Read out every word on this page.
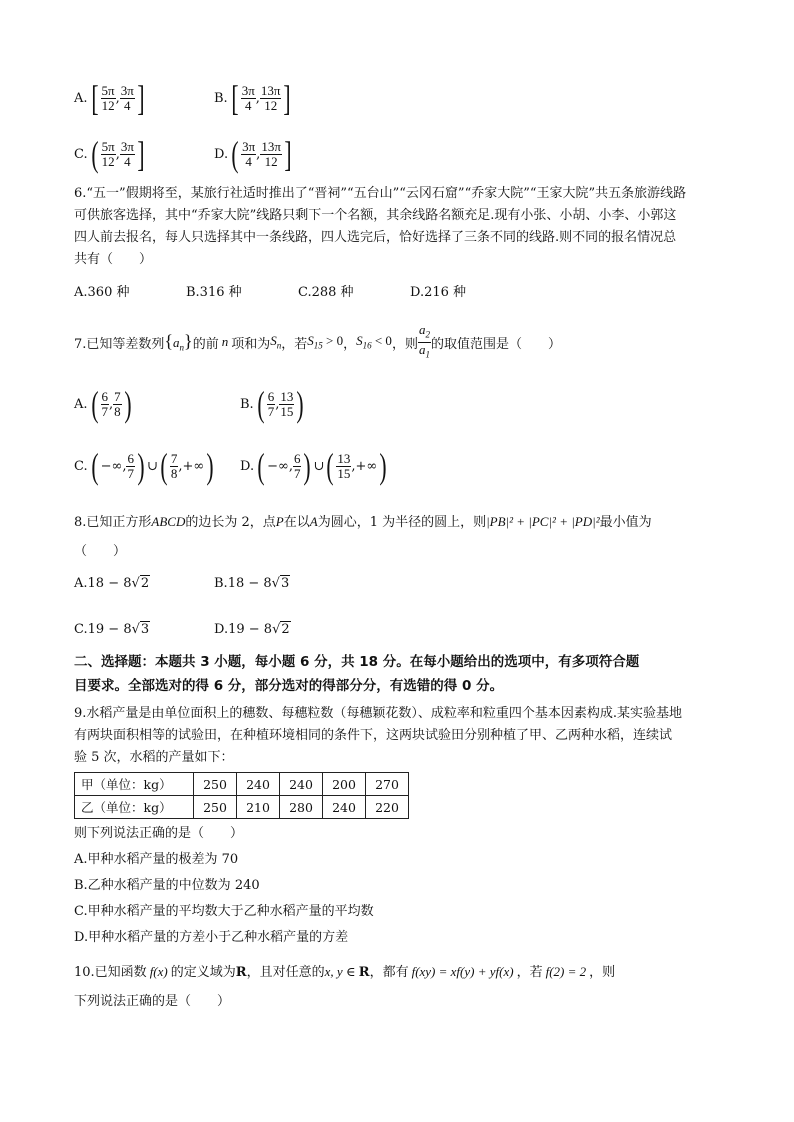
A. [ $\frac{5\pi}{12}$ , $\frac{3\pi}{4}$ ]	B. [ $\frac{3\pi}{4}$ , $\frac{13\pi}{12}$ ]
C. ( $\frac{5\pi}{12}$ , $\frac{3\pi}{4}$ ]	D. ( $\frac{3\pi}{4}$ , $\frac{13\pi}{12}$ ]
6.“五一”假期将至，某旅行社适时推出了“晋祠”“五台山”“云冈石窟”“乔家大院”“王家大院”共五条旅游线路
可供旅客选择，其中“乔家大院”线路只剩下一个名额，其余线路名额充足.现有小张、小胡、小李、小郭这
四人前去报名，每人只选择其中一条线路，四人选完后，恰好选择了三条不同的线路.则不同的报名情况总
共有（　　）
A.360 种	B.316 种	C.288 种	D.216 种
7.已知等差数列 $\{a_n\}$ 的前 n 项和为 $S_n$ ，若 $S_{15} > 0$ ， $S_{16} < 0$ ，则 $\frac{a_2}{a_1}$ 的取值范围是（　　）
A. ( $\frac{6}{7}$ , $\frac{7}{8}$ )	B. ( $\frac{6}{7}$ , $\frac{13}{15}$ )
C. ( −∞, $\frac{6}{7}$ ) ∪ ( $\frac{7}{8}$ ,+∞ ) D. ( −∞, $\frac{6}{7}$ ) ∪ ( $\frac{13}{15}$ ,+∞ )
8.已知正方形ABCD的边长为 2，点P在以A为圆心，1 为半径的圆上，则|PB|² + |PC|² + |PD|²最小值为
（　　）
A.18 − 8√2	B.18 − 8√3
C.19 − 8√3	D.19 − 8√2
二、选择题：本题共 3 小题，每小题 6 分，共 18 分。在每小题给出的选项中，有多项符合题
目要求。全部选对的得 6 分，部分选对的得部分分，有选错的得 0 分。
9.水稻产量是由单位面积上的穗数、每穗粒数（每穗颖花数）、成粒率和粒重四个基本因素构成.某实验基地
有两块面积相等的试验田，在种植环境相同的条件下，这两块试验田分别种植了甲、乙两种水稻，连续试
验 5 次，水稻的产量如下：
甲（单位：kg）	250	240	240	200	270
乙（单位：kg）	250	210	280	240	220
则下列说法正确的是（　　）
A.甲种水稻产量的极差为 70
B.乙种水稻产量的中位数为 240
C.甲种水稻产量的平均数大于乙种水稻产量的平均数
D.甲种水稻产量的方差小于乙种水稻产量的方差
10.已知函数 f(x) 的定义域为R，且对任意的x, y ∈ R，都有 f(xy) = xf(y) + yf(x) ，若 f(2) = 2 ，则
下列说法正确的是（　　）
